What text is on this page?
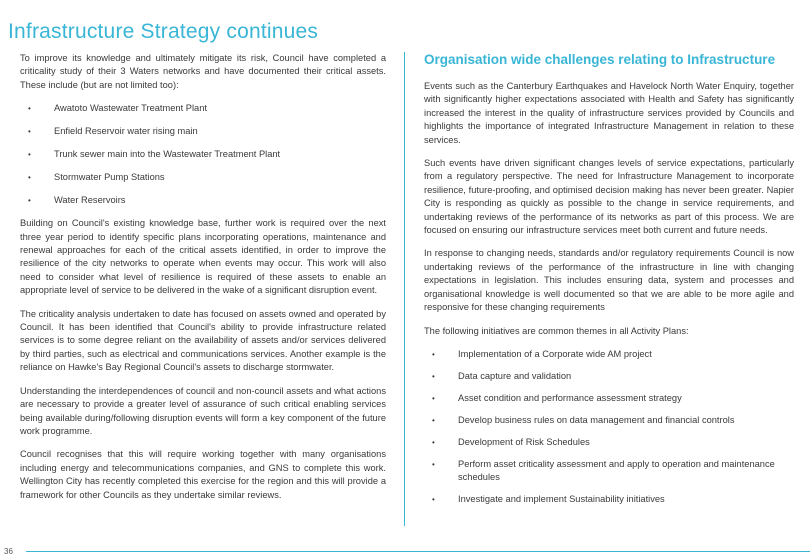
Infrastructure Strategy continues

To improve its knowledge and ultimately mitigate its risk, Council have completed a criticality study of their 3 Waters networks and have documented their critical assets. These include (but are not limited too):

• Awatoto Wastewater Treatment Plant
• Enfield Reservoir water rising main
• Trunk sewer main into the Wastewater Treatment Plant
• Stormwater Pump Stations
• Water Reservoirs

Building on Council's existing knowledge base, further work is required over the next three year period to identify specific plans incorporating operations, maintenance and renewal approaches for each of the critical assets identified, in order to improve the resilience of the city networks to operate when events may occur. This work will also need to consider what level of resilience is required of these assets to enable an appropriate level of service to be delivered in the wake of a significant disruption event.

The criticality analysis undertaken to date has focused on assets owned and operated by Council. It has been identified that Council's ability to provide infrastructure related services is to some degree reliant on the availability of assets and/or services delivered by third parties, such as electrical and communications services. Another example is the reliance on Hawke's Bay Regional Council's assets to discharge stormwater.

Understanding the interdependences of council and non-council assets and what actions are necessary to provide a greater level of assurance of such critical enabling services being available during/following disruption events will form a key component of the future work programme.

Council recognises that this will require working together with many organisations including energy and telecommunications companies, and GNS to complete this work. Wellington City has recently completed this exercise for the region and this will provide a framework for other Councils as they undertake similar reviews.

Organisation wide challenges relating to Infrastructure

Events such as the Canterbury Earthquakes and Havelock North Water Enquiry, together with significantly higher expectations associated with Health and Safety has significantly increased the interest in the quality of infrastructure services provided by Councils and highlights the importance of integrated Infrastructure Management in relation to these services.

Such events have driven significant changes levels of service expectations, particularly from a regulatory perspective. The need for Infrastructure Management to incorporate resilience, future-proofing, and optimised decision making has never been greater. Napier City is responding as quickly as possible to the change in service requirements, and undertaking reviews of the performance of its networks as part of this process. We are focused on ensuring our infrastructure services meet both current and future needs.

In response to changing needs, standards and/or regulatory requirements Council is now undertaking reviews of the performance of the infrastructure in line with changing expectations in legislation. This includes ensuring data, system and processes and organisational knowledge is well documented so that we are able to be more agile and responsive for these changing requirements

The following initiatives are common themes in all Activity Plans:

• Implementation of a Corporate wide AM project
• Data capture and validation
• Asset condition and performance assessment strategy
• Develop business rules on data management and financial controls
• Development of Risk Schedules
• Perform asset criticality assessment and apply to operation and maintenance schedules
• Investigate and implement Sustainability initiatives
36
